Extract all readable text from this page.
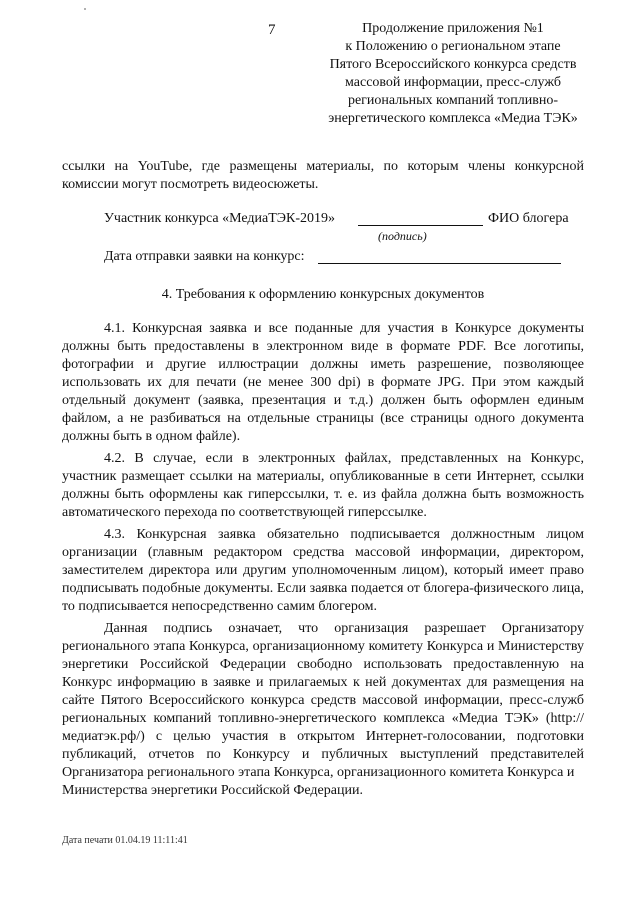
7	Продолжение приложения №1
к Положению о региональном этапе
Пятого Всероссийского конкурса средств
массовой информации, пресс-служб
региональных компаний топливно-
энергетического комплекса «Медиа ТЭК»

ссылки на YouTube, где размещены материалы, по которым члены конкурсной комиссии могут посмотреть видеосюжеты.

Участник конкурса «МедиаТЭК-2019»	ФИО блогера
(подпись)
Дата отправки заявки на конкурс:
4. Требования к оформлению конкурсных документов

4.1. Конкурсная заявка и все поданные для участия в Конкурсе документы должны быть предоставлены в электронном виде в формате PDF. Все логотипы, фотографии и другие иллюстрации должны иметь разрешение, позволяющее использовать их для печати (не менее 300 dpi) в формате JPG. При этом каждый отдельный документ (заявка, презентация и т.д.) должен быть оформлен единым файлом, а не разбиваться на отдельные страницы (все страницы одного документа должны быть в одном файле).

4.2. В случае, если в электронных файлах, представленных на Конкурс, участник размещает ссылки на материалы, опубликованные в сети Интернет, ссылки должны быть оформлены как гиперссылки, т. е. из файла должна быть возможность автоматического перехода по соответствующей гиперссылке.

4.3. Конкурсная заявка обязательно подписывается должностным лицом организации (главным редактором средства массовой информации, директором, заместителем директора или другим уполномоченным лицом), который имеет право подписывать подобные документы. Если заявка подается от блогера-физического лица, то подписывается непосредственно самим блогером.

Данная подпись означает, что организация разрешает Организатору регионального этапа Конкурса, организационному комитету Конкурса и Министерству энергетики Российской Федерации свободно использовать предоставленную на Конкурс информацию в заявке и прилагаемых к ней документах для размещения на сайте Пятого Всероссийского конкурса средств массовой информации, пресс-служб региональных компаний топливно-энергетического комплекса «Медиа ТЭК» (http://медиатэк.рф/) с целью участия в открытом Интернет-голосовании, подготовки публикаций, отчетов по Конкурсу и публичных выступлений представителей Организатора регионального этапа Конкурса, организационного комитета Конкурса и

Министерства энергетики Российской Федерации.

Дата печати 01.04.19 11:11:41
